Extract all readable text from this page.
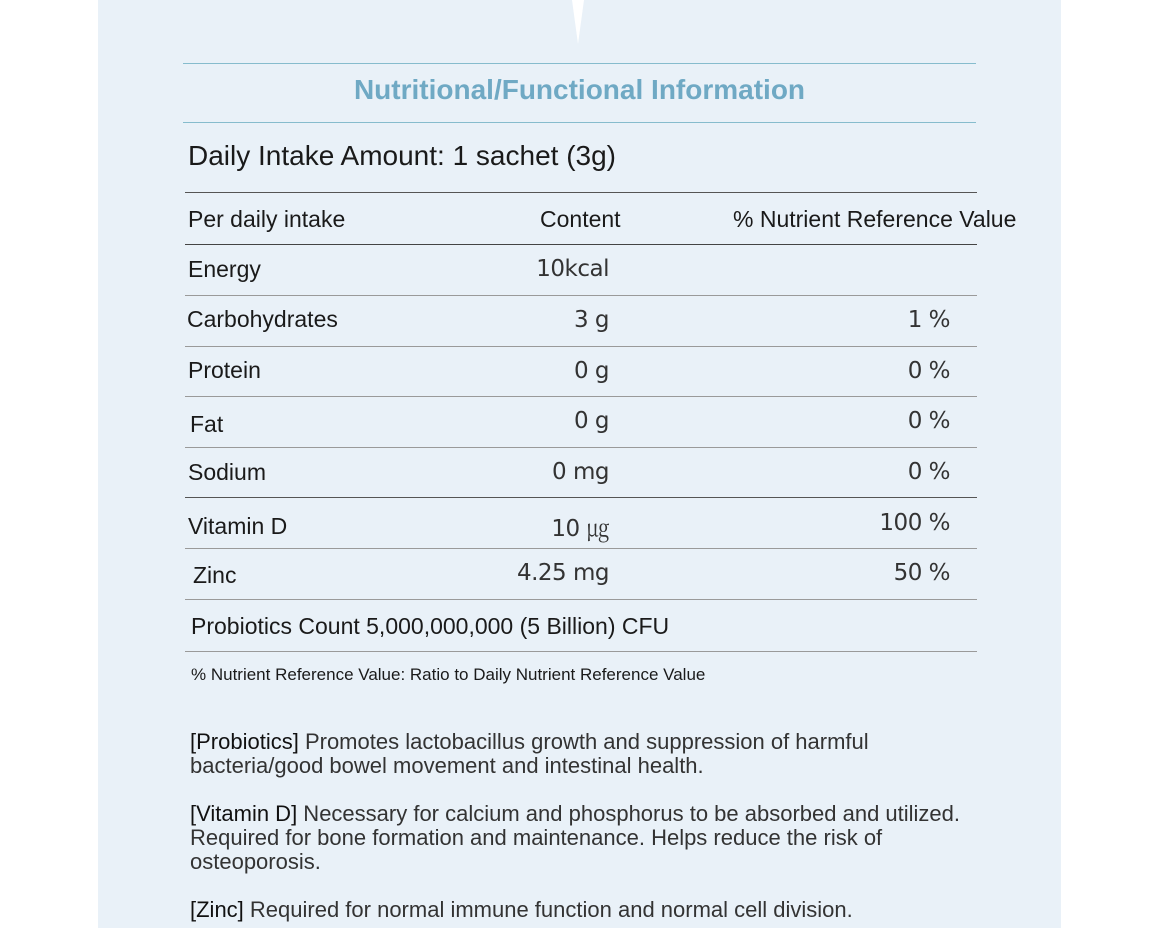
Nutritional/Functional Information
Daily Intake Amount: 1 sachet (3g)
Per daily intake	Content	% Nutrient Reference Value
Energy	10kcal
Carbohydrates	3 g	1 %
Protein	0 g	0 %
Fat	0 g	0 %
Sodium	0 mg	0 %
Vitamin D	10 ㎍	100 %
Zinc	4.25 mg	50 %
Probiotics Count 5,000,000,000 (5 Billion) CFU
% Nutrient Reference Value: Ratio to Daily Nutrient Reference Value
[Probiotics] Promotes lactobacillus growth and suppression of harmful bacteria/good bowel movement and intestinal health.
[Vitamin D] Necessary for calcium and phosphorus to be absorbed and utilized. Required for bone formation and maintenance. Helps reduce the risk of osteoporosis.
[Zinc] Required for normal immune function and normal cell division.
